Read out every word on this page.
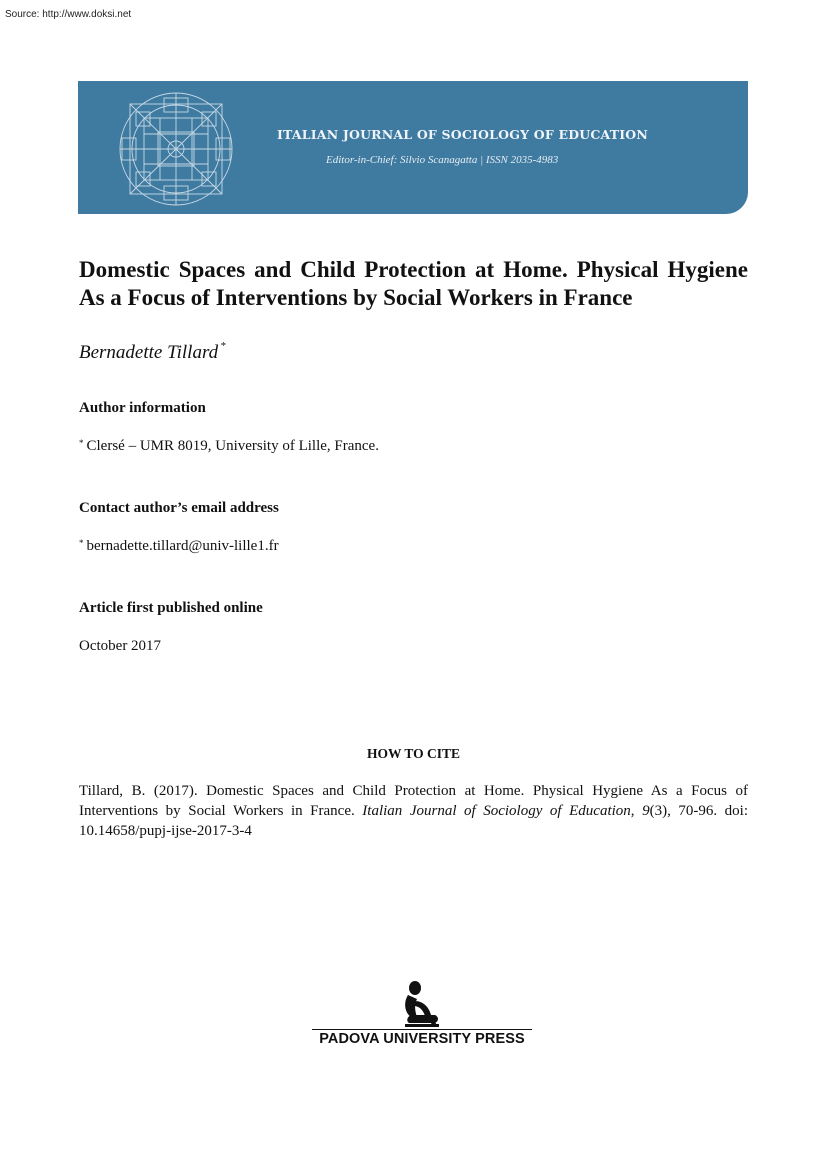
Source: http://www.doksi.net
ITALIAN JOURNAL OF SOCIOLOGY OF EDUCATION
Editor-in-Chief: Silvio Scanagatta | ISSN 2035-4983
Domestic Spaces and Child Protection at Home. Physical Hygiene As a Focus of Interventions by Social Workers in France
Bernadette Tillard *
Author information
* Clersé – UMR 8019, University of Lille, France.
Contact author’s email address
* bernadette.tillard@univ-lille1.fr
Article first published online
October 2017
HOW TO CITE
Tillard, B. (2017). Domestic Spaces and Child Protection at Home. Physical Hygiene As a Focus of Interventions by Social Workers in France. Italian Journal of Sociology of Education, 9(3), 70-96. doi: 10.14658/pupj-ijse-2017-3-4
PADOVA UNIVERSITY PRESS
